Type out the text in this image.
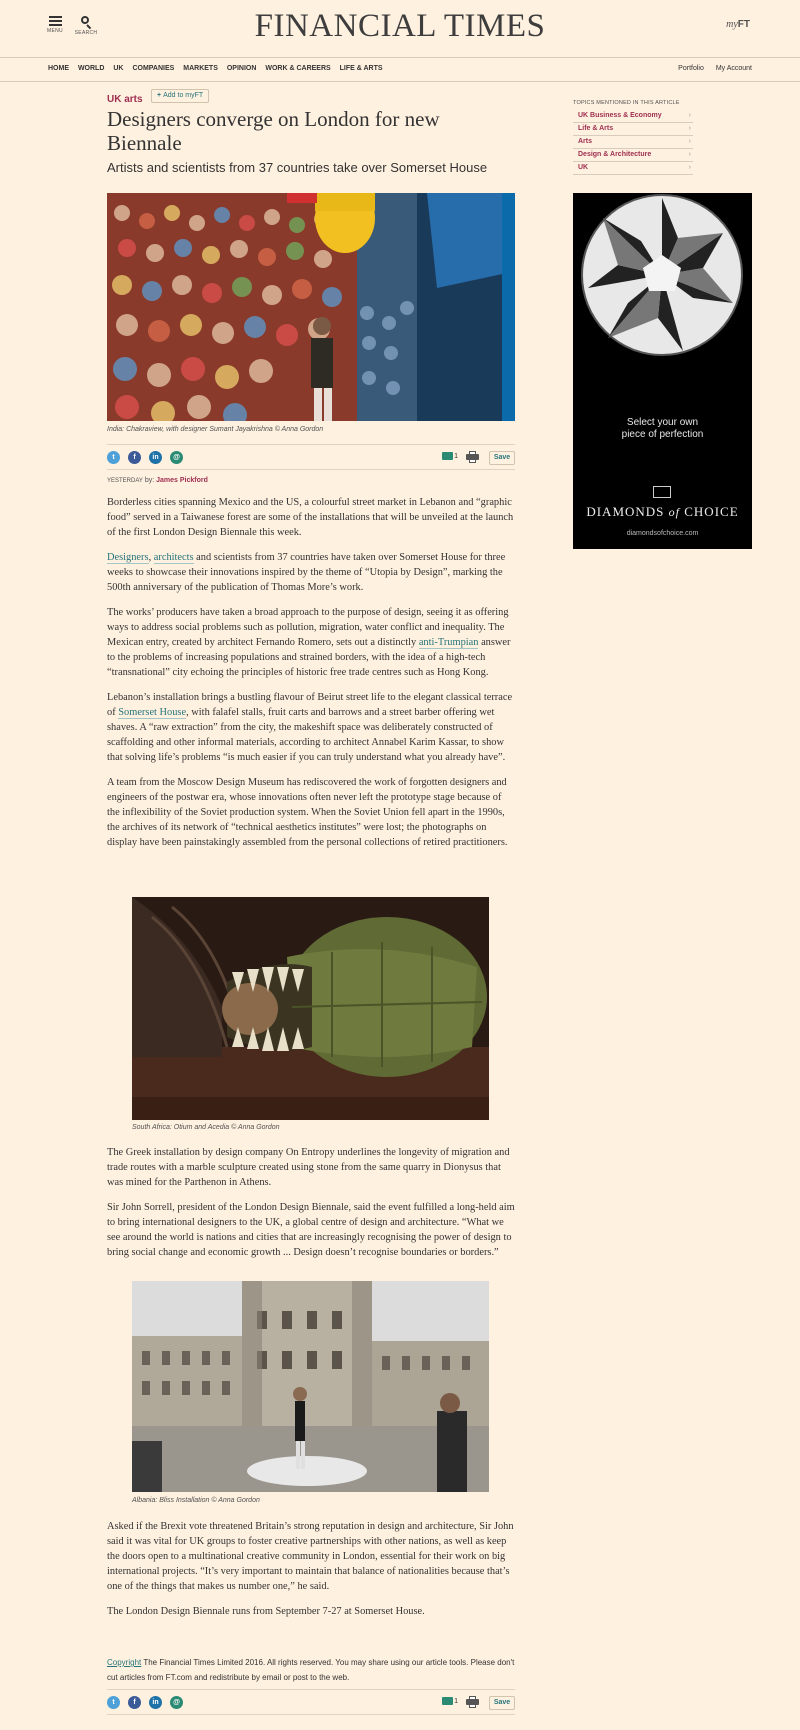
MENU	SEARCH	FINANCIAL TIMES	myFT
HOME WORLD UK COMPANIES MARKETS OPINION WORK & CAREERS LIFE & ARTS	Portfolio My Account
UK arts	+ Add to myFT
Designers converge on London for new Biennale
Artists and scientists from 37 countries take over Somerset House
India: Chakraview, with designer Sumant Jayakrishna © Anna Gordon
t	f	in	@	1	Save
YESTERDAY by: James Pickford

Borderless cities spanning Mexico and the US, a colourful street market in Lebanon and “graphic food” served in a Taiwanese forest are some of the installations that will be unveiled at the launch of the first London Design Biennale this week.

Designers, architects and scientists from 37 countries have taken over Somerset House for three weeks to showcase their innovations inspired by the theme of “Utopia by Design”, marking the 500th anniversary of the publication of Thomas More’s work.

The works’ producers have taken a broad approach to the purpose of design, seeing it as offering ways to address social problems such as pollution, migration, water conflict and inequality. The Mexican entry, created by architect Fernando Romero, sets out a distinctly anti-Trumpian answer to the problems of increasing populations and strained borders, with the idea of a high-tech “transnational” city echoing the principles of historic free trade centres such as Hong Kong.

Lebanon’s installation brings a bustling flavour of Beirut street life to the elegant classical terrace of Somerset House, with falafel stalls, fruit carts and barrows and a street barber offering wet shaves. A “raw extraction” from the city, the makeshift space was deliberately constructed of scaffolding and other informal materials, according to architect Annabel Karim Kassar, to show that solving life’s problems “is much easier if you can truly understand what you already have”.

A team from the Moscow Design Museum has rediscovered the work of forgotten designers and engineers of the postwar era, whose innovations often never left the prototype stage because of the inflexibility of the Soviet production system. When the Soviet Union fell apart in the 1990s, the archives of its network of “technical aesthetics institutes” were lost; the photographs on display have been painstakingly assembled from the personal collections of retired practitioners.

South Africa: Otium and Acedia © Anna Gordon

The Greek installation by design company On Entropy underlines the longevity of migration and trade routes with a marble sculpture created using stone from the same quarry in Dionysus that was mined for the Parthenon in Athens.

Sir John Sorrell, president of the London Design Biennale, said the event fulfilled a long-held aim to bring international designers to the UK, a global centre of design and architecture. “What we see around the world is nations and cities that are increasingly recognising the power of design to bring social change and economic growth ... Design doesn’t recognise boundaries or borders.”

Albania: Bliss Installation © Anna Gordon

Asked if the Brexit vote threatened Britain’s strong reputation in design and architecture, Sir John said it was vital for UK groups to foster creative partnerships with other nations, as well as keep the doors open to a multinational creative community in London, essential for their work on big international projects. “It’s very important to maintain that balance of nationalities because that’s one of the things that makes us number one,” he said.

The London Design Biennale runs from September 7-27 at Somerset House.

Copyright The Financial Times Limited 2016. All rights reserved. You may share using our article tools. Please don't cut articles from FT.com and redistribute by email or post to the web.
t	f	in	@	1	Save
TOPICS MENTIONED IN THIS ARTICLE
UK Business & Economy	›
Life & Arts	›
Arts	›
Design & Architecture	›
UK	›
Select your own
piece of perfection
DIAMONDS of CHOICE
diamondsofchoice.com
